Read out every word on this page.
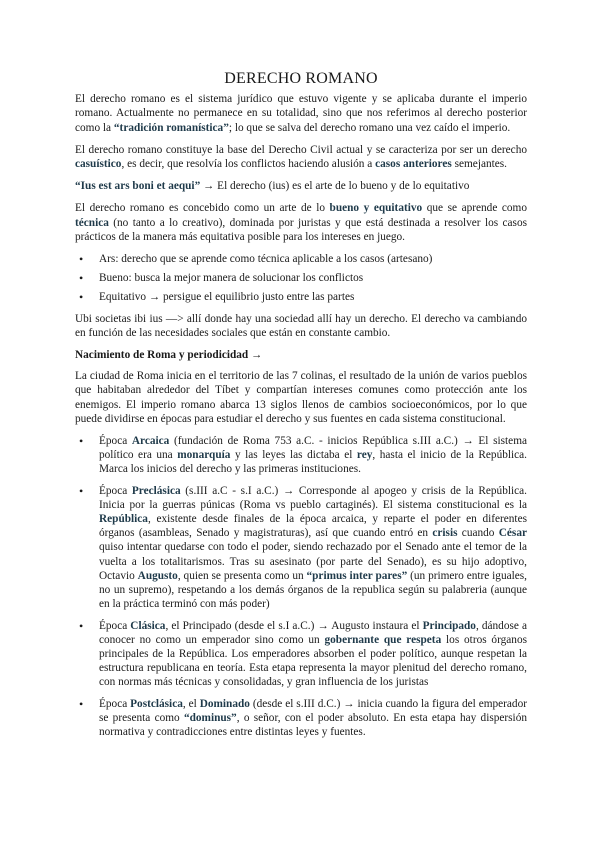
DERECHO ROMANO

El derecho romano es el sistema jurídico que estuvo vigente y se aplicaba durante el imperio romano. Actualmente no permanece en su totalidad, sino que nos referimos al derecho posterior como la “tradición romanística”; lo que se salva del derecho romano una vez caído el imperio.

El derecho romano constituye la base del Derecho Civil actual y se caracteriza por ser un derecho casuístico, es decir, que resolvía los conflictos haciendo alusión a casos anteriores semejantes.

“Ius est ars boni et aequi” → El derecho (ius) es el arte de lo bueno y de lo equitativo

El derecho romano es concebido como un arte de lo bueno y equitativo que se aprende como técnica (no tanto a lo creativo), dominada por juristas y que está destinada a resolver los casos prácticos de la manera más equitativa posible para los intereses en juego.

• Ars: derecho que se aprende como técnica aplicable a los casos (artesano)
• Bueno: busca la mejor manera de solucionar los conflictos
• Equitativo → persigue el equilibrio justo entre las partes

Ubi societas ibi ius —> allí donde hay una sociedad allí hay un derecho. El derecho va cambiando en función de las necesidades sociales que están en constante cambio.

Nacimiento de Roma y periodicidad →

La ciudad de Roma inicia en el territorio de las 7 colinas, el resultado de la unión de varios pueblos que habitaban alrededor del Tíbet y compartían intereses comunes como protección ante los enemigos. El imperio romano abarca 13 siglos llenos de cambios socioeconómicos, por lo que puede dividirse en épocas para estudiar el derecho y sus fuentes en cada sistema constitucional.

• Época Arcaica (fundación de Roma 753 a.C. - inicios República s.III a.C.) → El sistema político era una monarquía y las leyes las dictaba el rey, hasta el inicio de la República. Marca los inicios del derecho y las primeras instituciones.
• Época Preclásica (s.III a.C - s.I a.C.) → Corresponde al apogeo y crisis de la República. Inicia por la guerras púnicas (Roma vs pueblo cartaginés). El sistema constitucional es la República, existente desde finales de la época arcaica, y reparte el poder en diferentes órganos (asambleas, Senado y magistraturas), así que cuando entró en crisis cuando César quiso intentar quedarse con todo el poder, siendo rechazado por el Senado ante el temor de la vuelta a los totalitarismos. Tras su asesinato (por parte del Senado), es su hijo adoptivo, Octavio Augusto, quien se presenta como un “primus inter pares” (un primero entre iguales, no un supremo), respetando a los demás órganos de la republica según su palabreria (aunque en la práctica terminó con más poder)
• Época Clásica, el Principado (desde el s.I a.C.) → Augusto instaura el Principado, dándose a conocer no como un emperador sino como un gobernante que respeta los otros órganos principales de la República. Los emperadores absorben el poder político, aunque respetan la estructura republicana en teoría. Esta etapa representa la mayor plenitud del derecho romano, con normas más técnicas y consolidadas, y gran influencia de los juristas
• Época Postclásica, el Dominado (desde el s.III d.C.) → inicia cuando la figura del emperador se presenta como “dominus”, o señor, con el poder absoluto. En esta etapa hay dispersión normativa y contradicciones entre distintas leyes y fuentes.
